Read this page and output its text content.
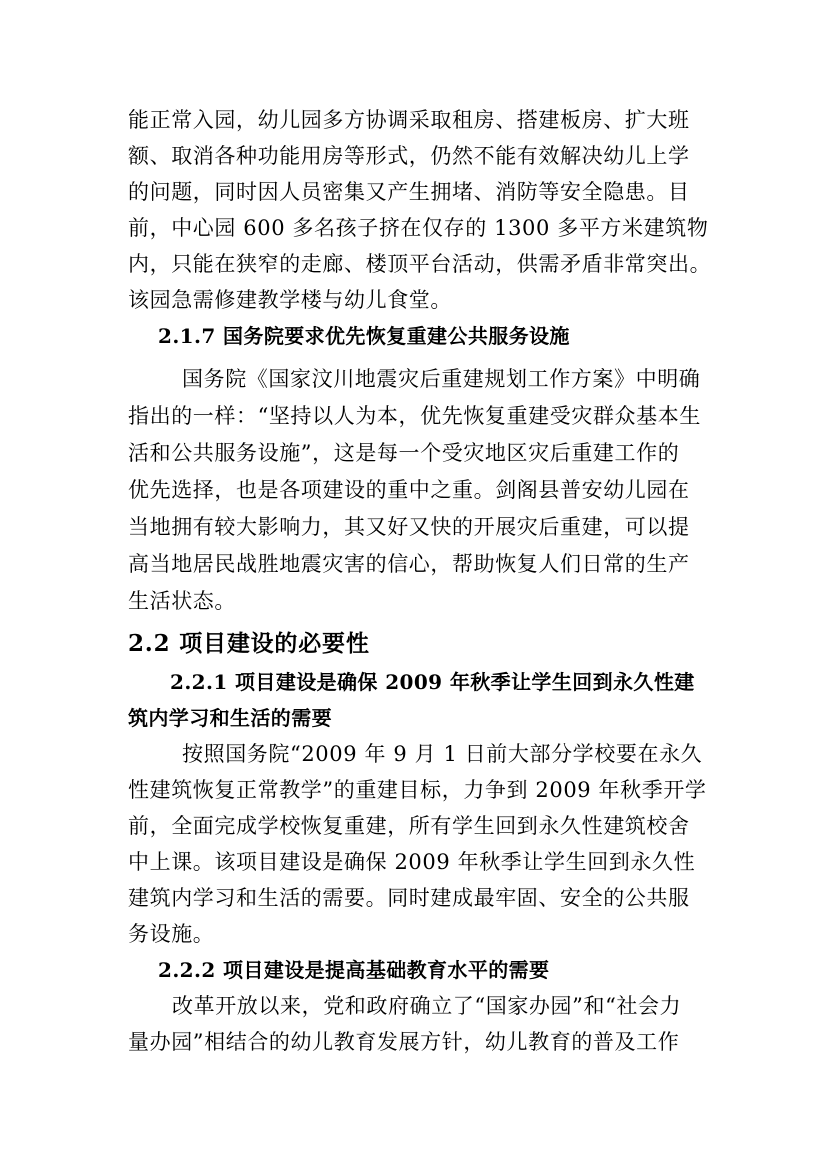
能正常入园，幼儿园多方协调采取租房、搭建板房、扩大班
额、取消各种功能用房等形式，仍然不能有效解决幼儿上学
的问题，同时因人员密集又产生拥堵、消防等安全隐患。目
前，中心园 600 多名孩子挤在仅存的 1300 多平方米建筑物
内，只能在狭窄的走廊、楼顶平台活动，供需矛盾非常突出。
该园急需修建教学楼与幼儿食堂。
2.1.7 国务院要求优先恢复重建公共服务设施
国务院《国家汶川地震灾后重建规划工作方案》中明确
指出的一样：“坚持以人为本，优先恢复重建受灾群众基本生
活和公共服务设施”，这是每一个受灾地区灾后重建工作的
优先选择，也是各项建设的重中之重。剑阁县普安幼儿园在
当地拥有较大影响力，其又好又快的开展灾后重建，可以提
高当地居民战胜地震灾害的信心，帮助恢复人们日常的生产
生活状态。
2.2 项目建设的必要性
2.2.1 项目建设是确保 2009 年秋季让学生回到永久性建
筑内学习和生活的需要
按照国务院“2009 年 9 月 1 日前大部分学校要在永久
性建筑恢复正常教学”的重建目标，力争到 2009 年秋季开学
前，全面完成学校恢复重建，所有学生回到永久性建筑校舍
中上课。该项目建设是确保 2009 年秋季让学生回到永久性
建筑内学习和生活的需要。同时建成最牢固、安全的公共服
务设施。
2.2.2 项目建设是提高基础教育水平的需要
改革开放以来，党和政府确立了“国家办园”和“社会力
量办园”相结合的幼儿教育发展方针，幼儿教育的普及工作
